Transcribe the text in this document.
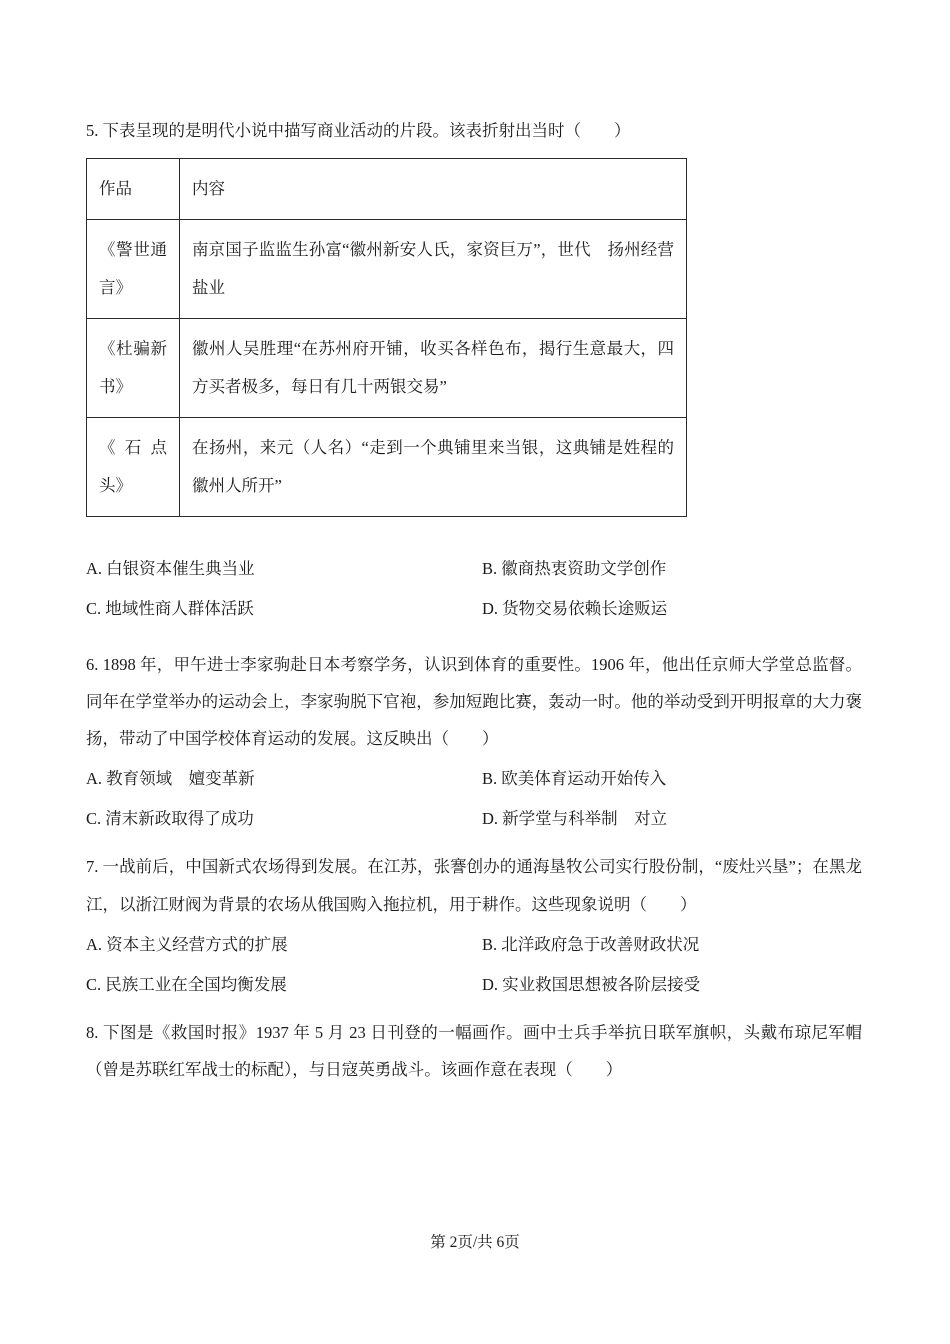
5. 下表呈现的是明代小说中描写商业活动的片段。该表折射出当时（　　）

作品	内容
《警世通言》	南京国子监监生孙富“徽州新安人氏，家资巨万”，世代　扬州经营盐业
《杜骗新书》	徽州人吴胜理“在苏州府开铺，收买各样色布，揭行生意最大，四方买者极多，每日有几十两银交易”
《石点头》	在扬州，来元（人名）“走到一个典铺里来当银，这典铺是姓程的徽州人所开”
A. 白银资本催生典当业	B. 徽商热衷资助文学创作
C. 地域性商人群体活跃	D. 货物交易依赖长途贩运

6. 1898 年，甲午进士李家驹赴日本考察学务，认识到体育的重要性。1906 年，他出任京师大学堂总监督。同年在学堂举办的运动会上，李家驹脱下官袍，参加短跑比赛，轰动一时。他的举动受到开明报章的大力褒扬，带动了中国学校体育运动的发展。这反映出（　　）

A. 教育领域　嬗变革新	B. 欧美体育运动开始传入
C. 清末新政取得了成功	D. 新学堂与科举制　对立

7. 一战前后，中国新式农场得到发展。在江苏，张謇创办的通海垦牧公司实行股份制，“废灶兴垦”；在黑龙江，以浙江财阀为背景的农场从俄国购入拖拉机，用于耕作。这些现象说明（　　）

A. 资本主义经营方式的扩展	B. 北洋政府急于改善财政状况
C. 民族工业在全国均衡发展	D. 实业救国思想被各阶层接受

8. 下图是《救国时报》1937 年 5 月 23 日刊登的一幅画作。画中士兵手举抗日联军旗帜，头戴布琼尼军帽（曾是苏联红军战士的标配），与日寇英勇战斗。该画作意在表现（　　）

第 2页/共 6页
